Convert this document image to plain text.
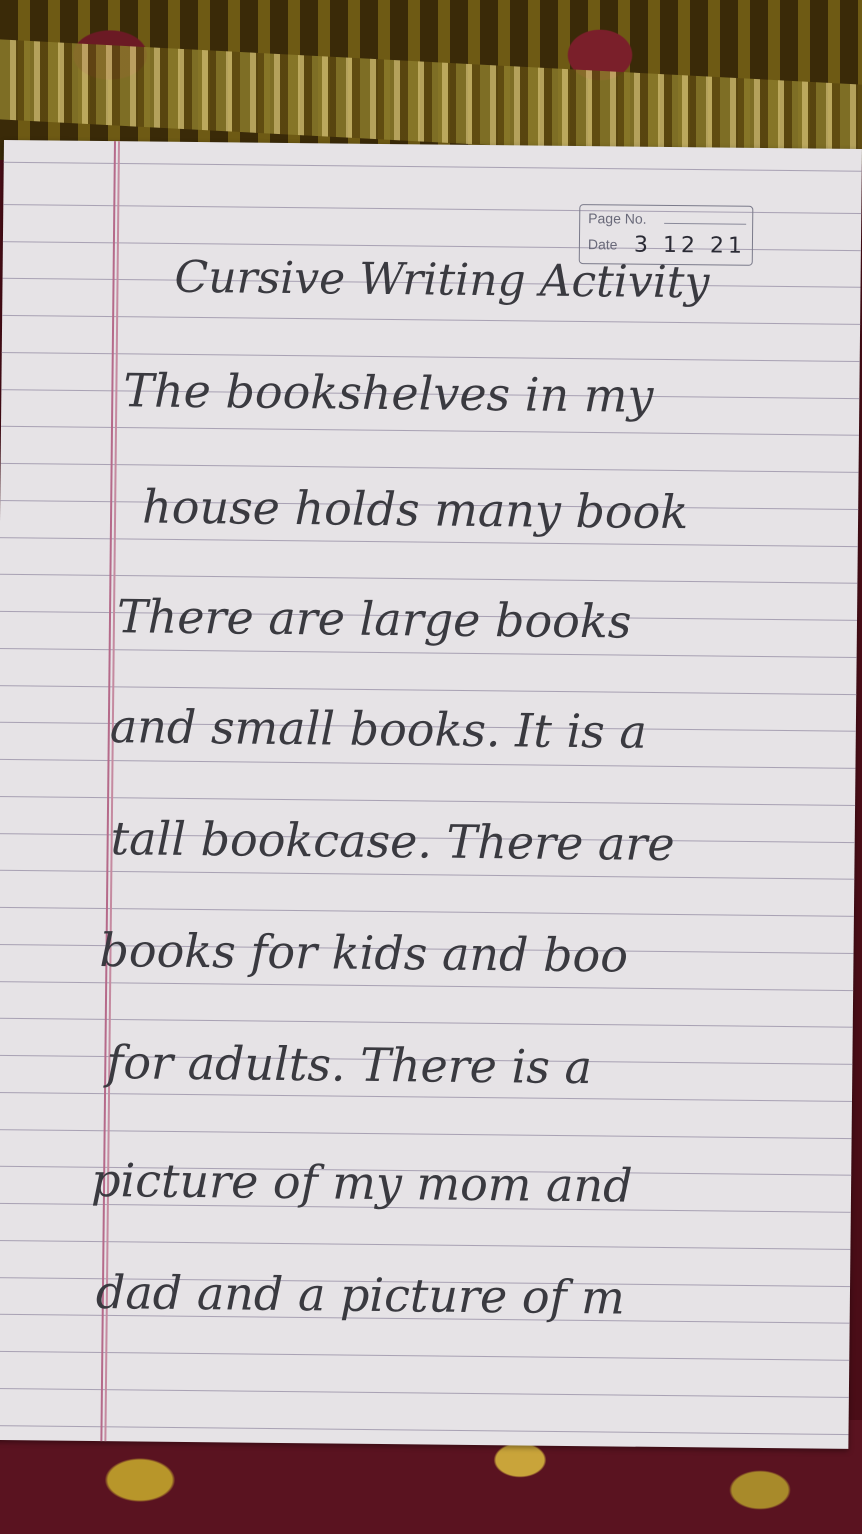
Page No.
Date 3 12 21
Cursive Writing Activity
The bookshelves in my
house holds many book
There are large books
and small books. It is a
tall bookcase. There are
books for kids and boo
for adults. There is a
picture of my mom and
dad and a picture of m
